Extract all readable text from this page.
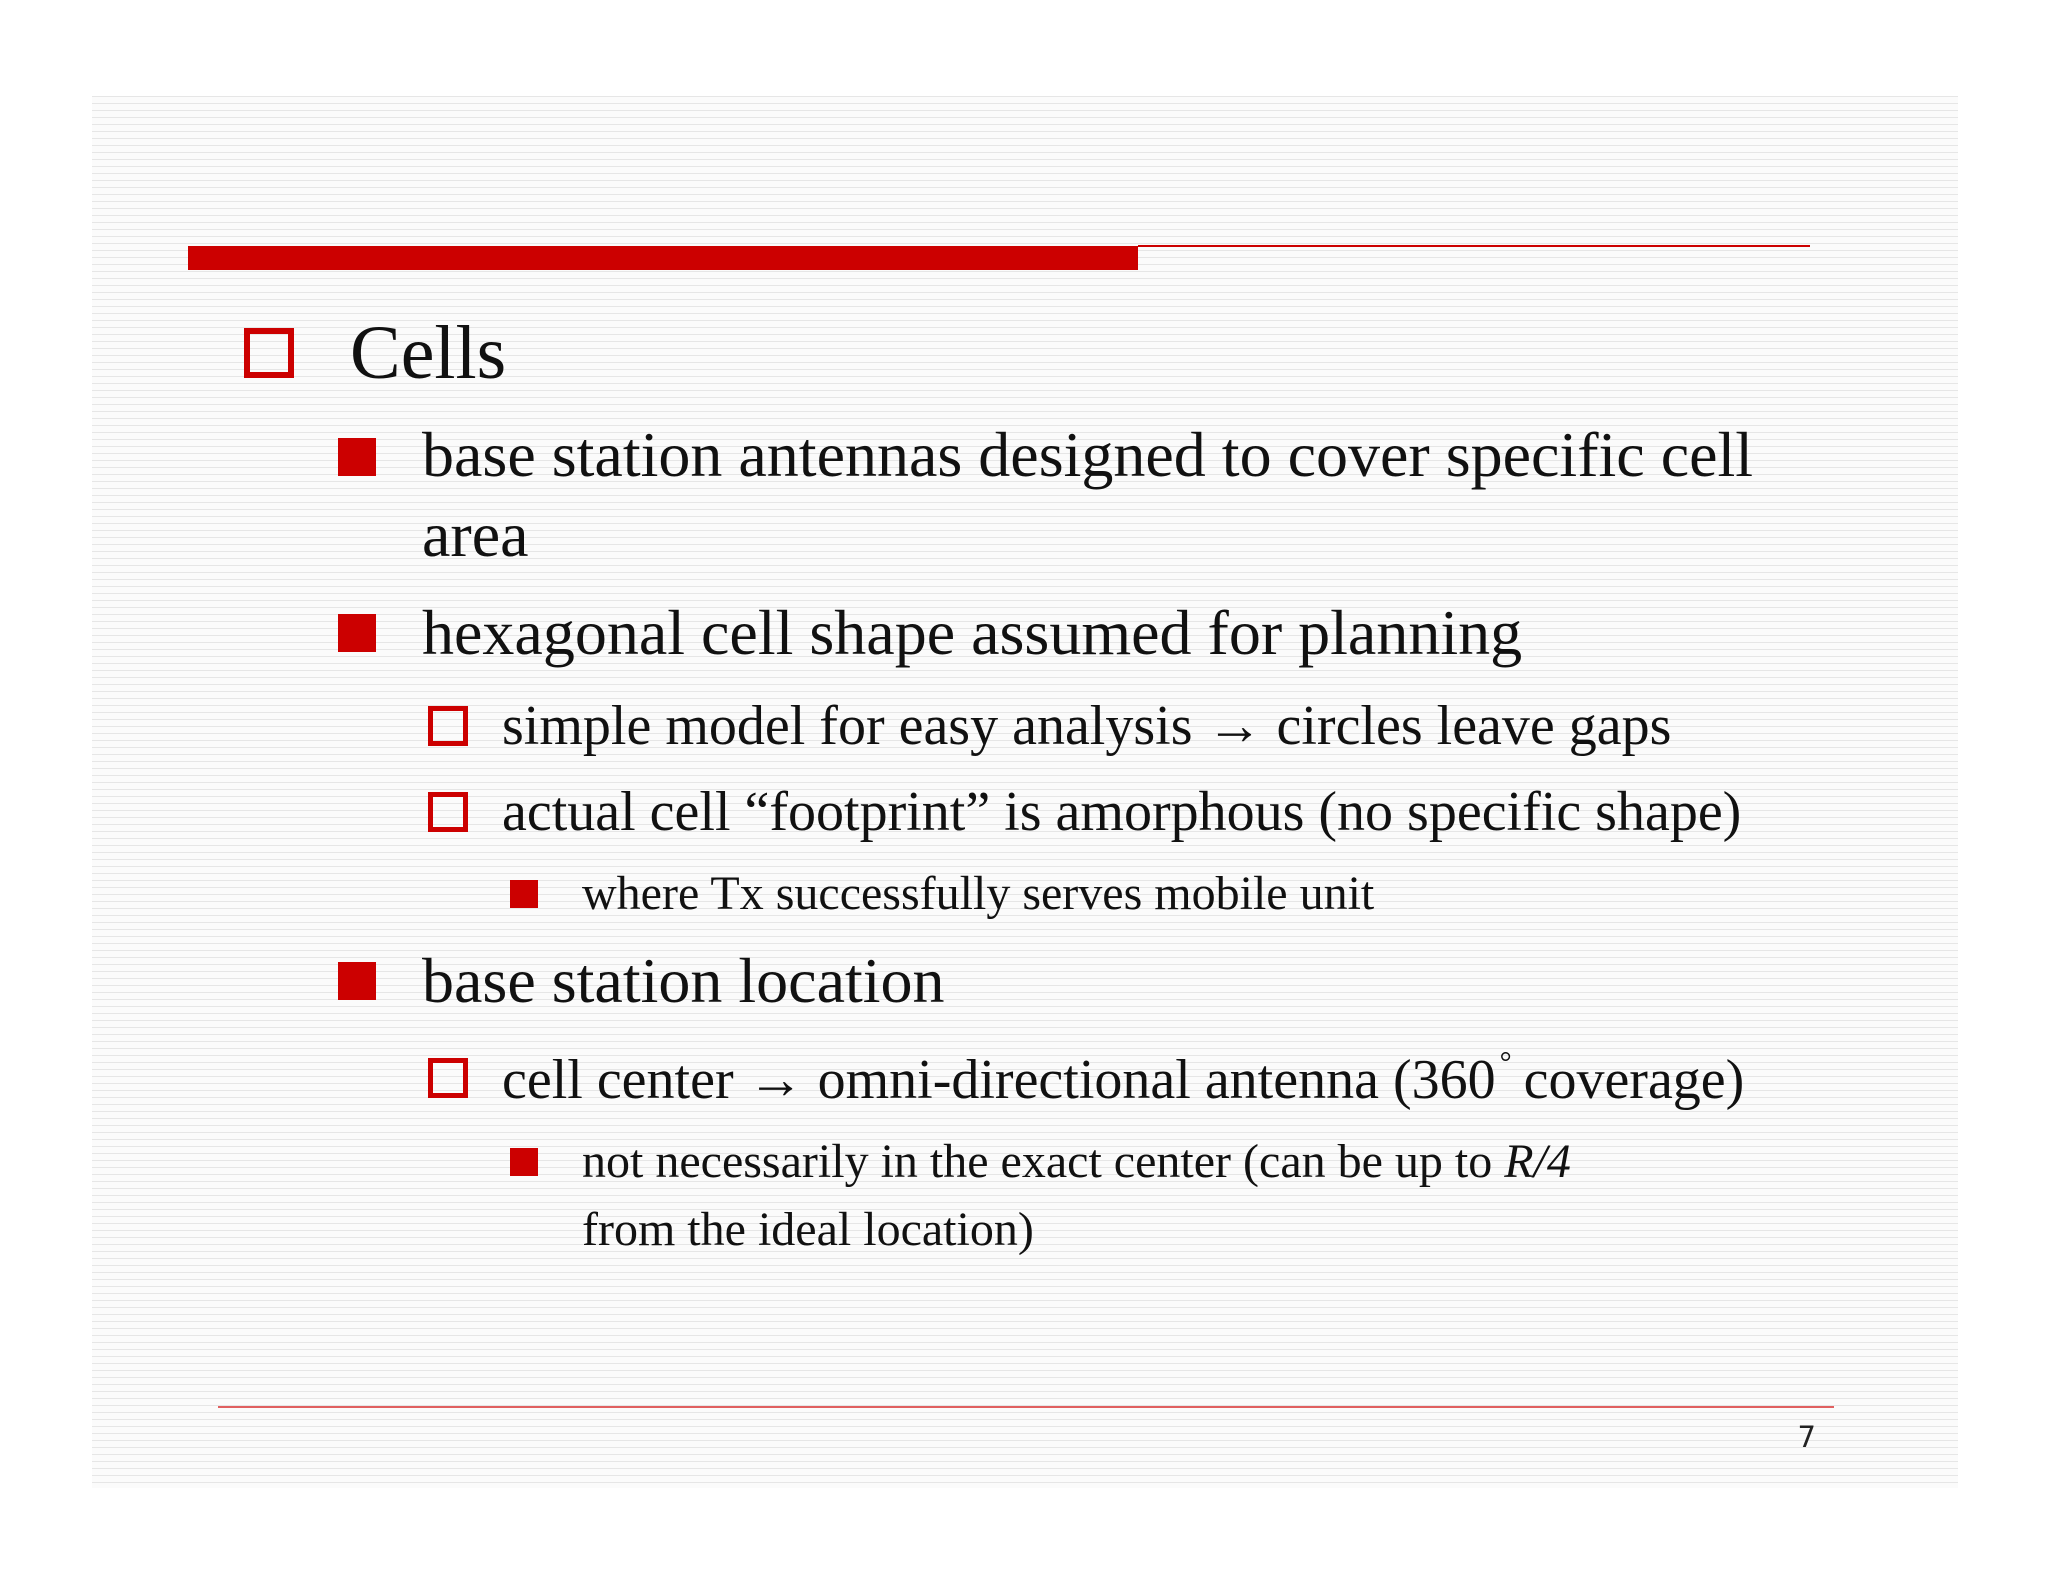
Cells
base station antennas designed to cover specific cell
area
hexagonal cell shape assumed for planning
simple model for easy analysis → circles leave gaps
actual cell “footprint” is amorphous (no specific shape)
where Tx successfully serves mobile unit
base station location
cell center → omni-directional antenna (360 ° coverage)
not necessarily in the exact center (can be up to R/4
from the ideal location)
7
